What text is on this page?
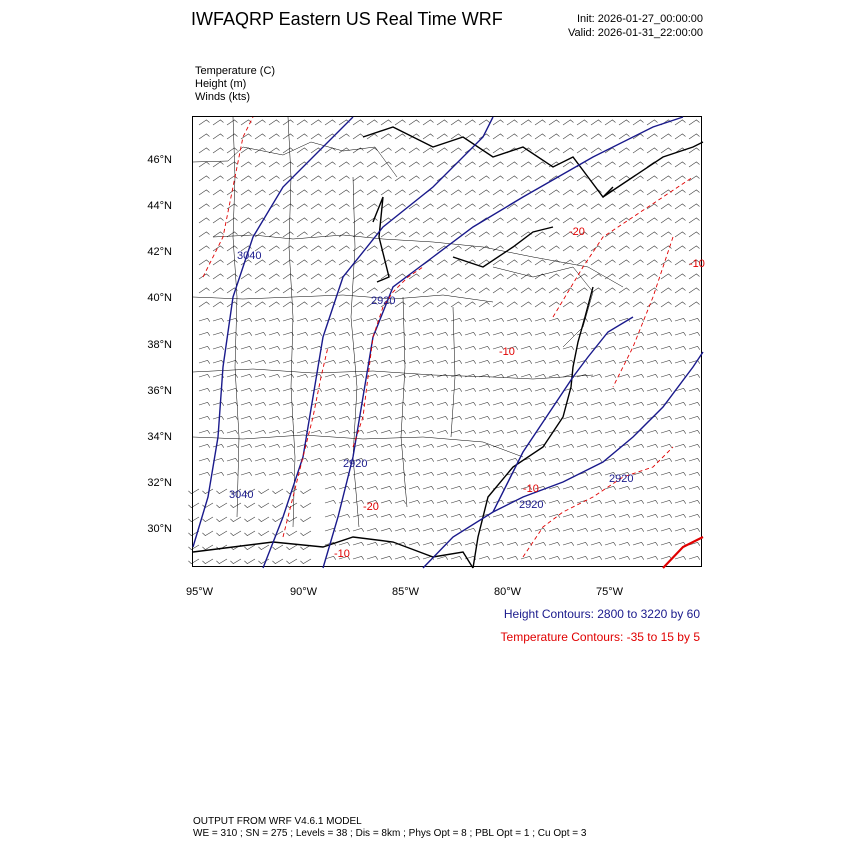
IWFAQRP Eastern US Real Time WRF	Init: 2026-01-27_00:00:00
Valid: 2026-01-31_22:00:00
Temperature (C)
Height (m)
Winds (kts)
3040
2920
2920
3040
2920
2920
-20
-10
-20
-10
-10
-10
46°N
44°N
42°N
40°N
38°N
36°N
34°N
32°N
30°N
95°W	90°W	85°W	80°W	75°W
Height Contours: 2800 to 3220 by 60
Temperature Contours: -35 to 15 by 5
OUTPUT FROM WRF V4.6.1 MODEL
WE = 310 ; SN = 275 ; Levels = 38 ; Dis = 8km ; Phys Opt = 8 ; PBL Opt = 1 ; Cu Opt = 3
